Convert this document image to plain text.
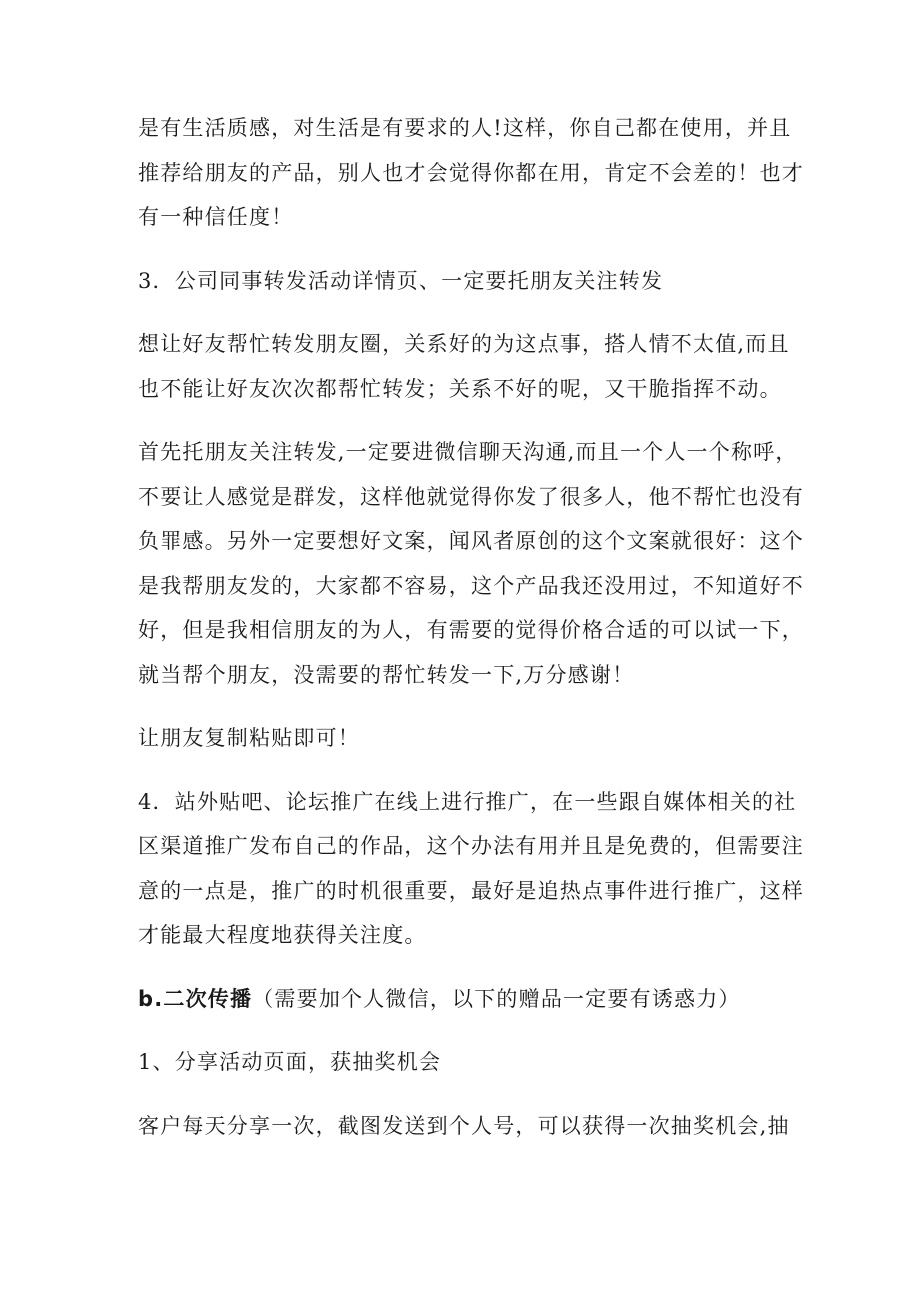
是有生活质感，对生活是有要求的人!这样，你自己都在使用，并且
推荐给朋友的产品，别人也才会觉得你都在用，肯定不会差的！也才
有一种信任度！
3．公司同事转发活动详情页、一定要托朋友关注转发
想让好友帮忙转发朋友圈，关系好的为这点事，搭人情不太值,而且
也不能让好友次次都帮忙转发；关系不好的呢，又干脆指挥不动。
首先托朋友关注转发,一定要进微信聊天沟通,而且一个人一个称呼，
不要让人感觉是群发，这样他就觉得你发了很多人，他不帮忙也没有
负罪感。另外一定要想好文案，闻风者原创的这个文案就很好：这个
是我帮朋友发的，大家都不容易，这个产品我还没用过，不知道好不
好，但是我相信朋友的为人，有需要的觉得价格合适的可以试一下，
就当帮个朋友，没需要的帮忙转发一下,万分感谢！
让朋友复制粘贴即可！
4．站外贴吧、论坛推广在线上进行推广，在一些跟自媒体相关的社
区渠道推广发布自己的作品，这个办法有用并且是免费的，但需要注
意的一点是，推广的时机很重要，最好是追热点事件进行推广，这样
才能最大程度地获得关注度。
b.二次传播（需要加个人微信，以下的赠品一定要有诱惑力）
1、分享活动页面，获抽奖机会
客户每天分享一次，截图发送到个人号，可以获得一次抽奖机会,抽
